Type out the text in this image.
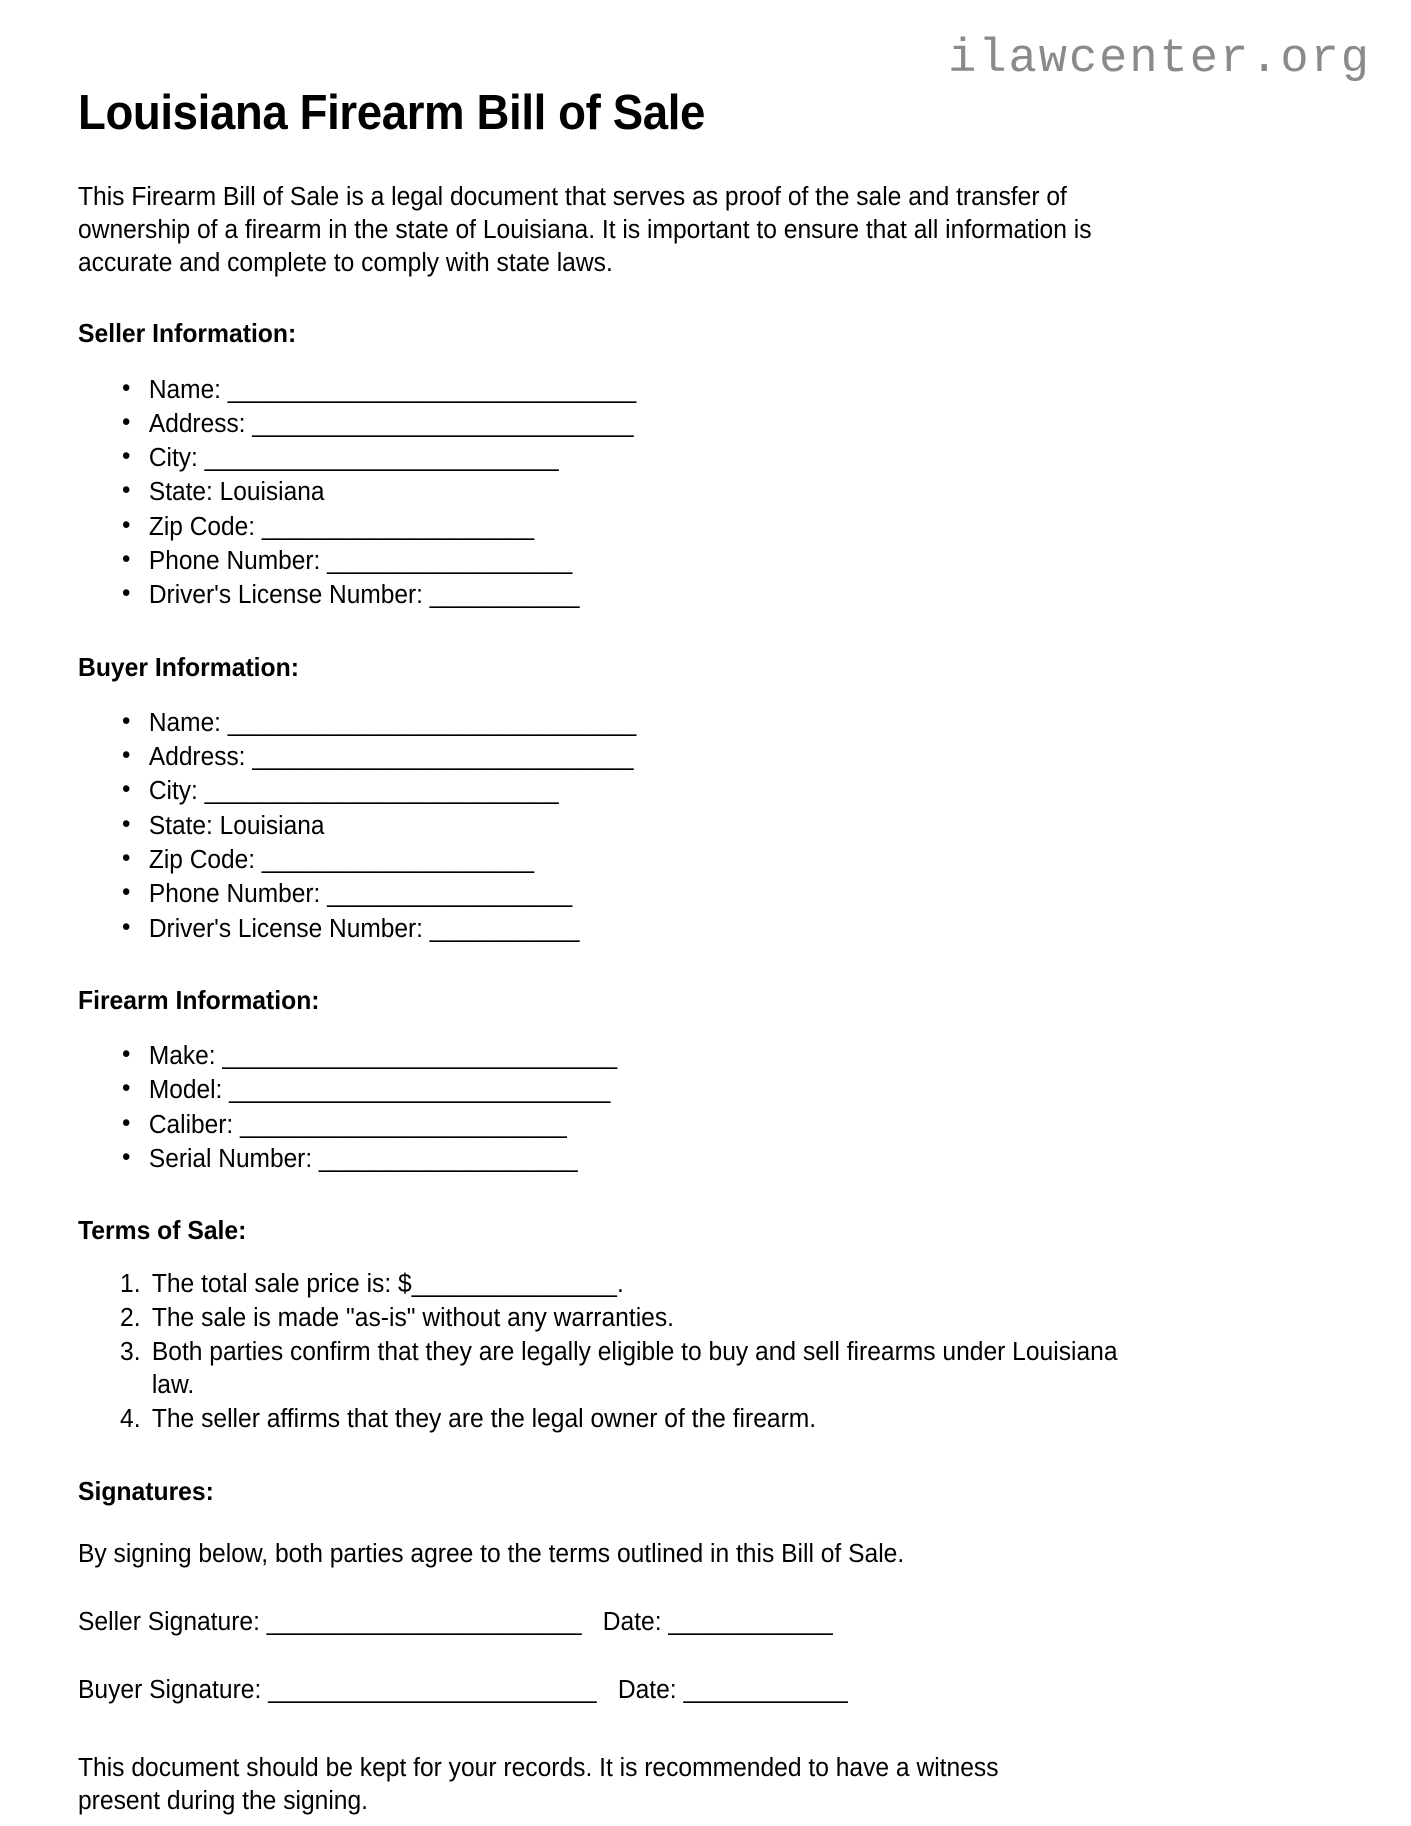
ilawcenter.org
Louisiana Firearm Bill of Sale

This Firearm Bill of Sale is a legal document that serves as proof of the sale and transfer of ownership of a firearm in the state of Louisiana. It is important to ensure that all information is accurate and complete to comply with state laws.

Seller Information:
• Name: ______________________________
• Address: ____________________________
• City: __________________________
• State: Louisiana
• Zip Code: ____________________
• Phone Number: __________________
• Driver's License Number: ___________
Buyer Information:
• Name: ______________________________
• Address: ____________________________
• City: __________________________
• State: Louisiana
• Zip Code: ____________________
• Phone Number: __________________
• Driver's License Number: ___________
Firearm Information:
• Make: _____________________________
• Model: ____________________________
• Caliber: ________________________
• Serial Number: ___________________
Terms of Sale:
The total sale price is: $_______________.
The sale is made "as-is" without any warranties.
Both parties confirm that they are legally eligible to buy and sell firearms under Louisiana law.
The seller affirms that they are the legal owner of the firearm.
Signatures:

By signing below, both parties agree to the terms outlined in this Bill of Sale.

Seller Signature: _______________________ Date: ____________
Buyer Signature: ________________________ Date: ____________

This document should be kept for your records. It is recommended to have a witness present during the signing.
